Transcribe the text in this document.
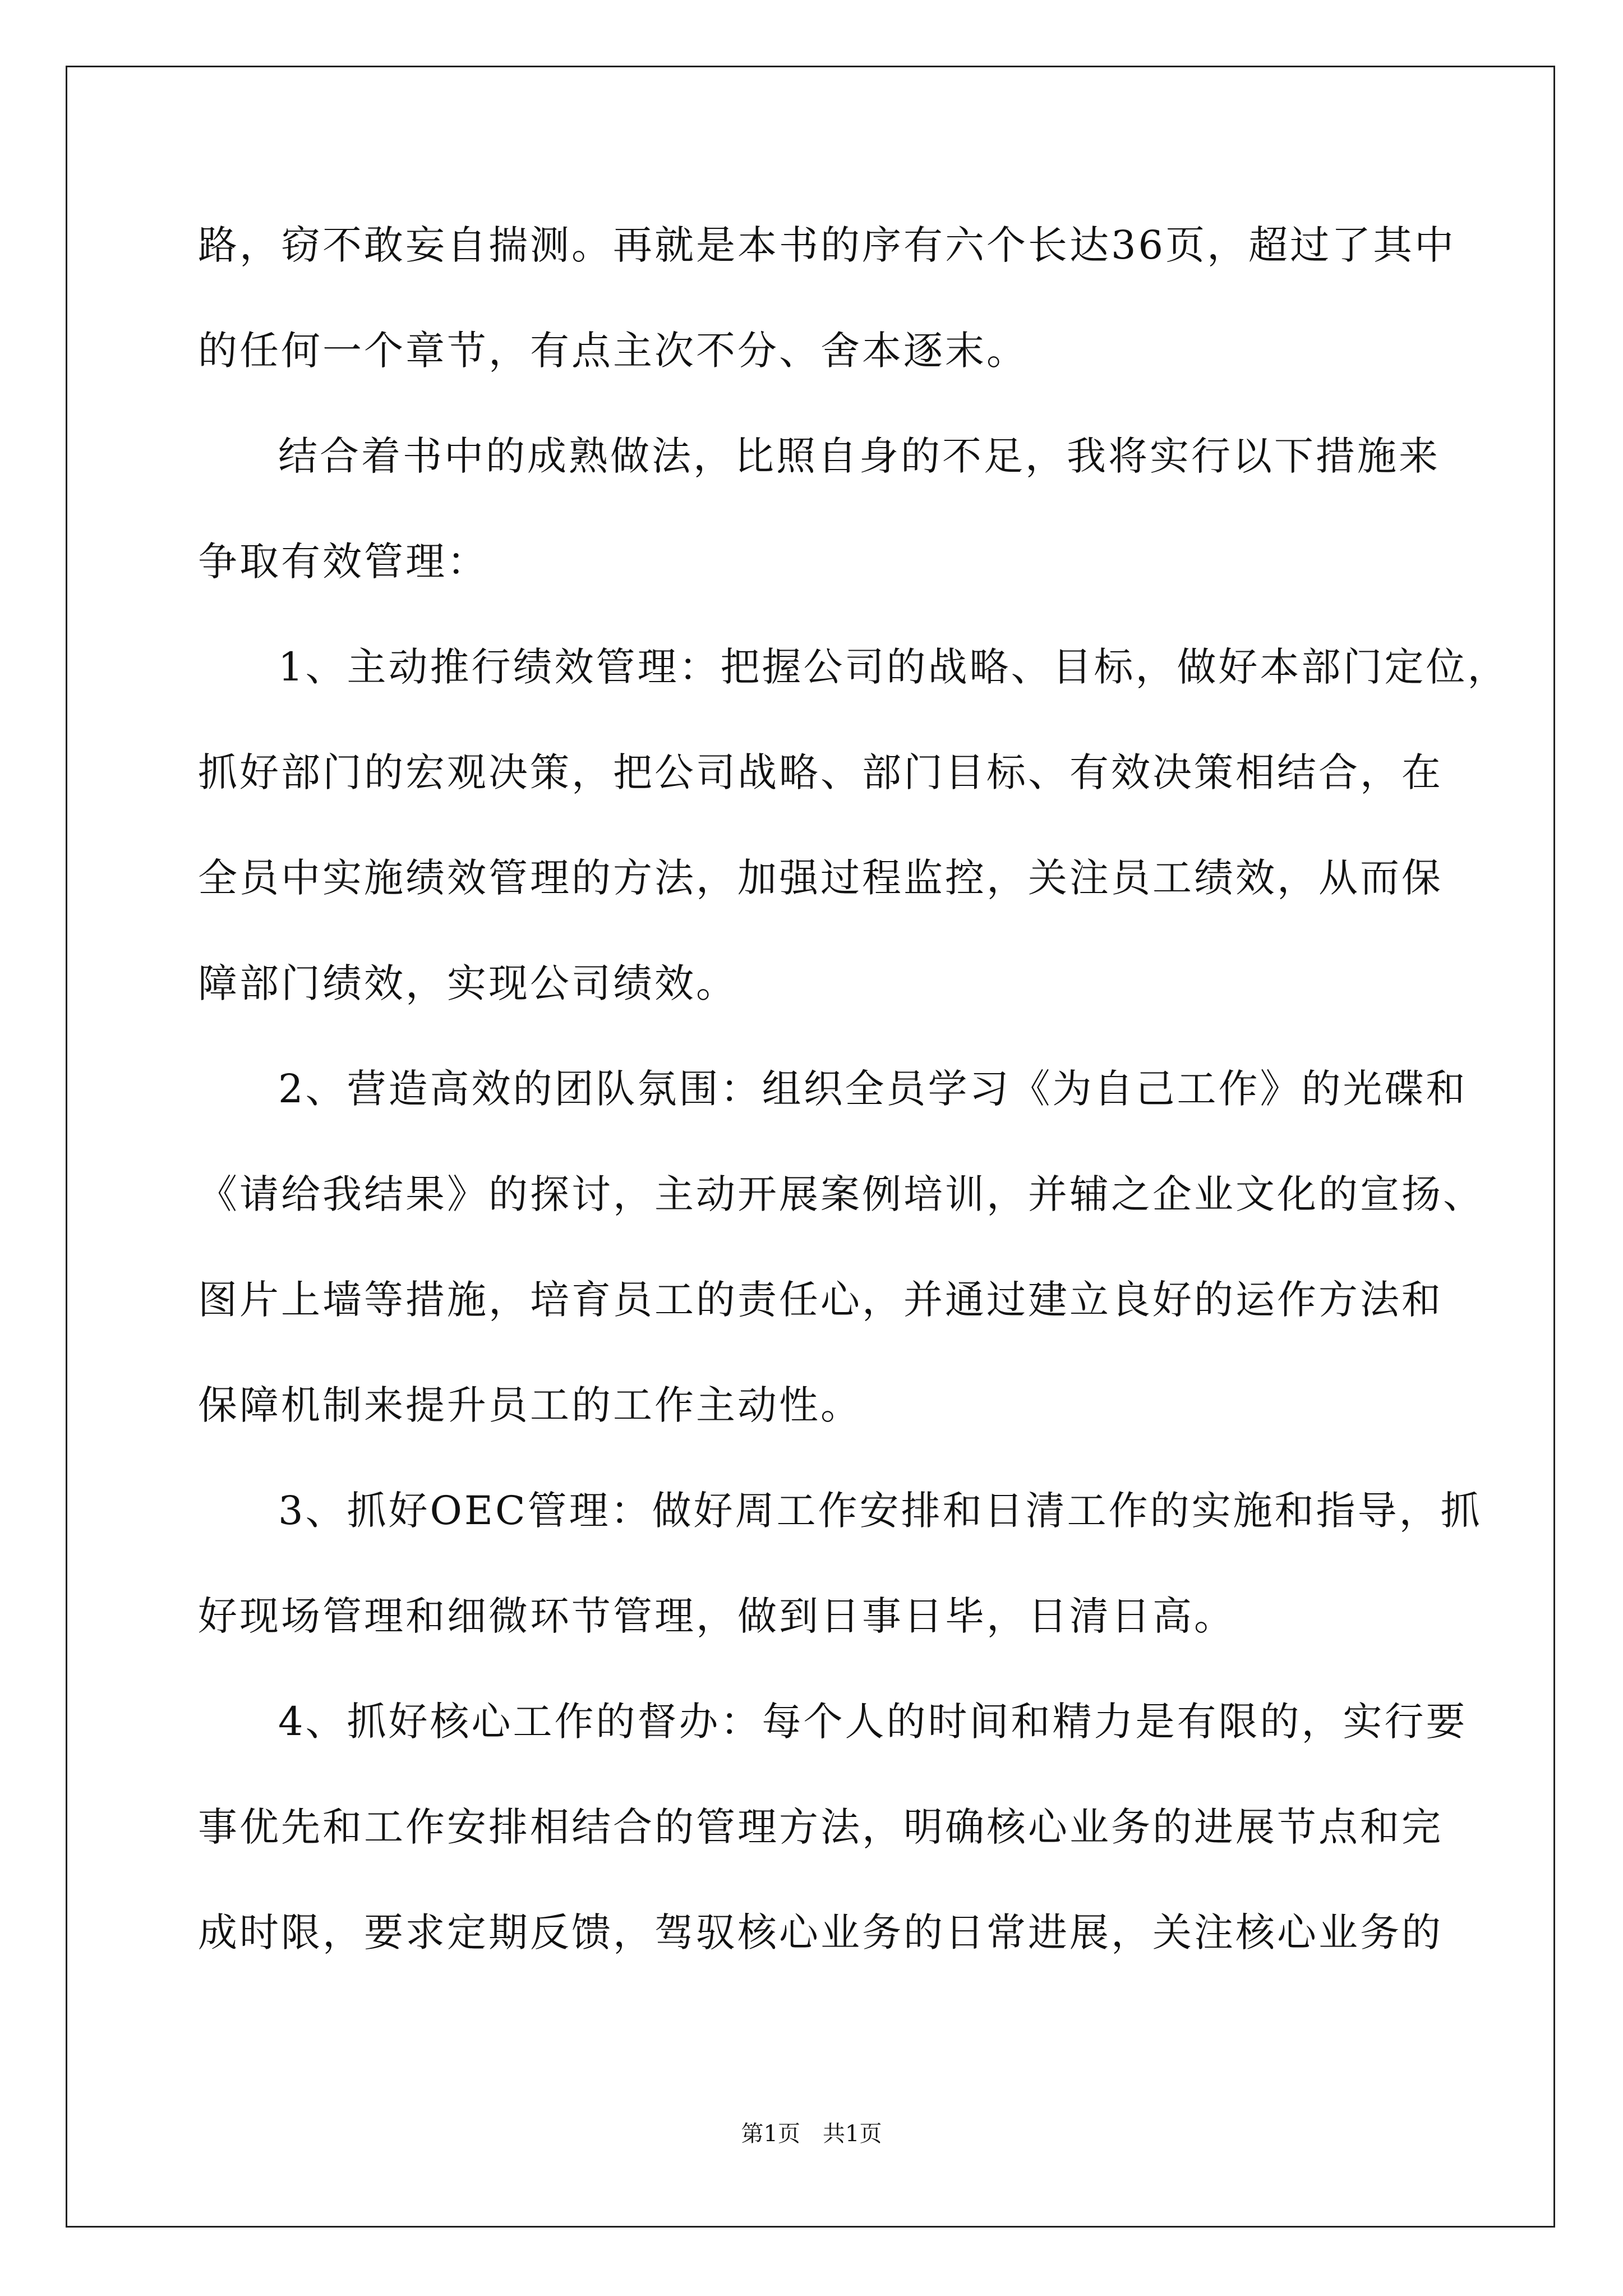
路，窃不敢妄自揣测。再就是本书的序有六个长达36页，超过了其中
的任何一个章节，有点主次不分、舍本逐末。
结合着书中的成熟做法，比照自身的不足，我将实行以下措施来
争取有效管理：
1、主动推行绩效管理：把握公司的战略、目标，做好本部门定位，
抓好部门的宏观决策，把公司战略、部门目标、有效决策相结合，在
全员中实施绩效管理的方法，加强过程监控，关注员工绩效，从而保
障部门绩效，实现公司绩效。
2、营造高效的团队氛围：组织全员学习《为自己工作》的光碟和
《请给我结果》的探讨，主动开展案例培训，并辅之企业文化的宣扬、
图片上墙等措施，培育员工的责任心，并通过建立良好的运作方法和
保障机制来提升员工的工作主动性。
3、抓好OEC管理：做好周工作安排和日清工作的实施和指导，抓
好现场管理和细微环节管理，做到日事日毕，日清日高。
4、抓好核心工作的督办：每个人的时间和精力是有限的，实行要
事优先和工作安排相结合的管理方法，明确核心业务的进展节点和完
成时限，要求定期反馈，驾驭核心业务的日常进展，关注核心业务的
第1页　共1页
